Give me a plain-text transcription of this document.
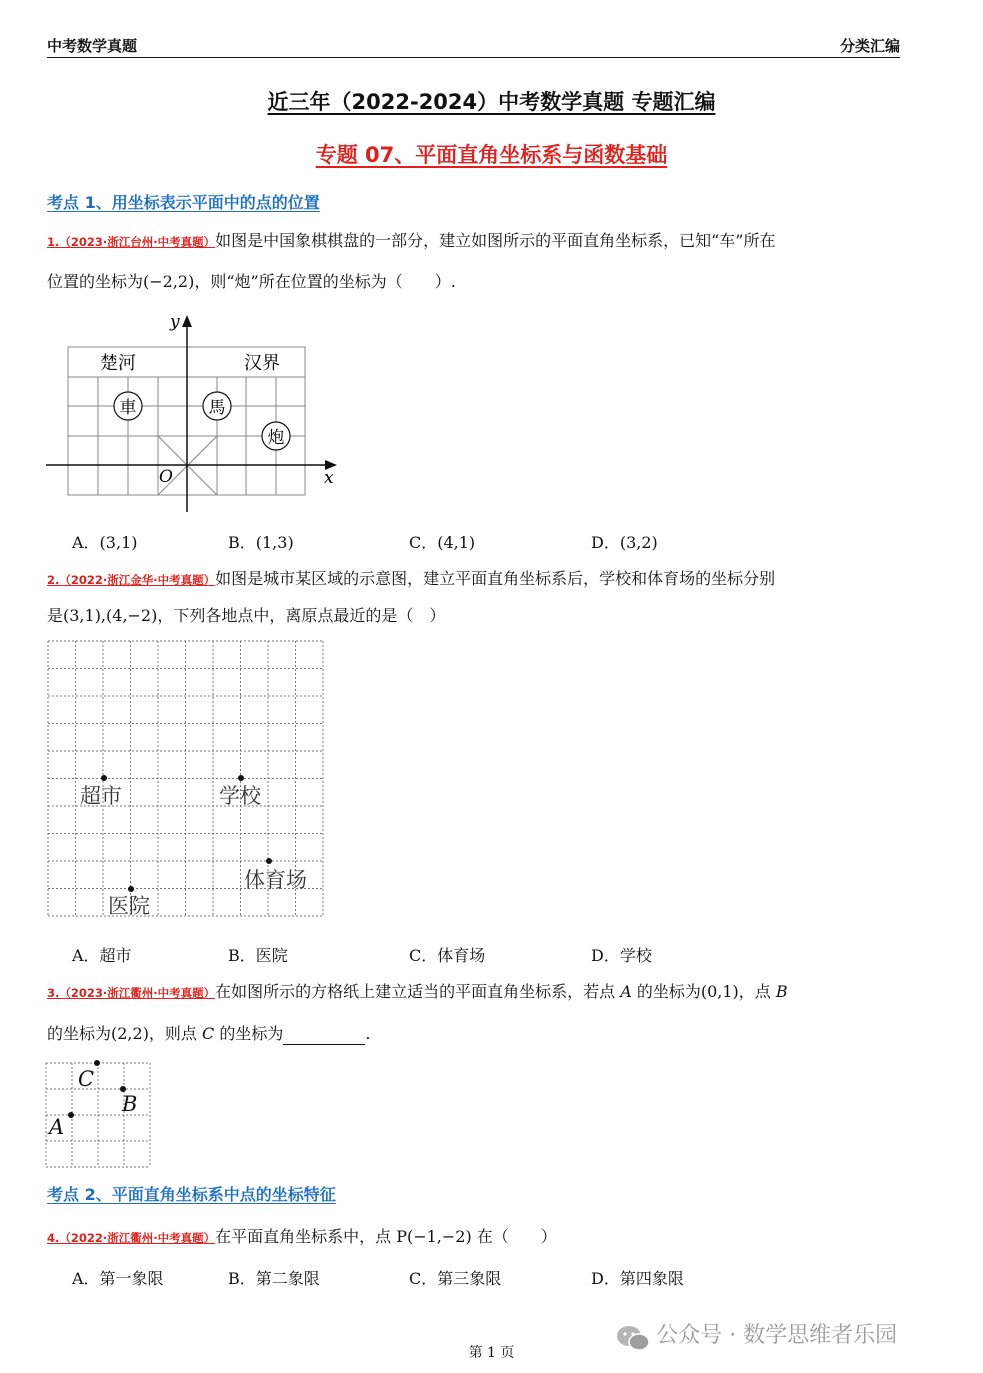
中考数学真题	分类汇编
近三年（2022-2024）中考数学真题 专题汇编
专题 07、平面直角坐标系与函数基础
考点 1、用坐标表示平面中的点的位置
1.（2023·浙江台州·中考真题）如图是中国象棋棋盘的一部分，建立如图所示的平面直角坐标系，已知“车”所在
位置的坐标为(−2,2)，则“炮”所在位置的坐标为（　　）.
y
x
O
楚河	汉界
車	馬
炮
A．(3,1)	B．(1,3)	C．(4,1)	D．(3,2)
2.（2022·浙江金华·中考真题）如图是城市某区域的示意图，建立平面直角坐标系后，学校和体育场的坐标分别
是(3,1),(4,−2)，下列各地点中，离原点最近的是（　）
超市	学校
体育场
医院
A．超市	B．医院	C．体育场	D．学校
3.（2023·浙江衢州·中考真题）在如图所示的方格纸上建立适当的平面直角坐标系，若点 A 的坐标为(0,1)，点 B
的坐标为(2,2)，则点 C 的坐标为	.
C
B
A
考点 2、平面直角坐标系中点的坐标特征
4.（2022·浙江衢州·中考真题）在平面直角坐标系中，点 P(−1,−2) 在（　　）
A．第一象限	B．第二象限	C．第三象限	D．第四象限
公众号 · 数学思维者乐园
第 1 页
